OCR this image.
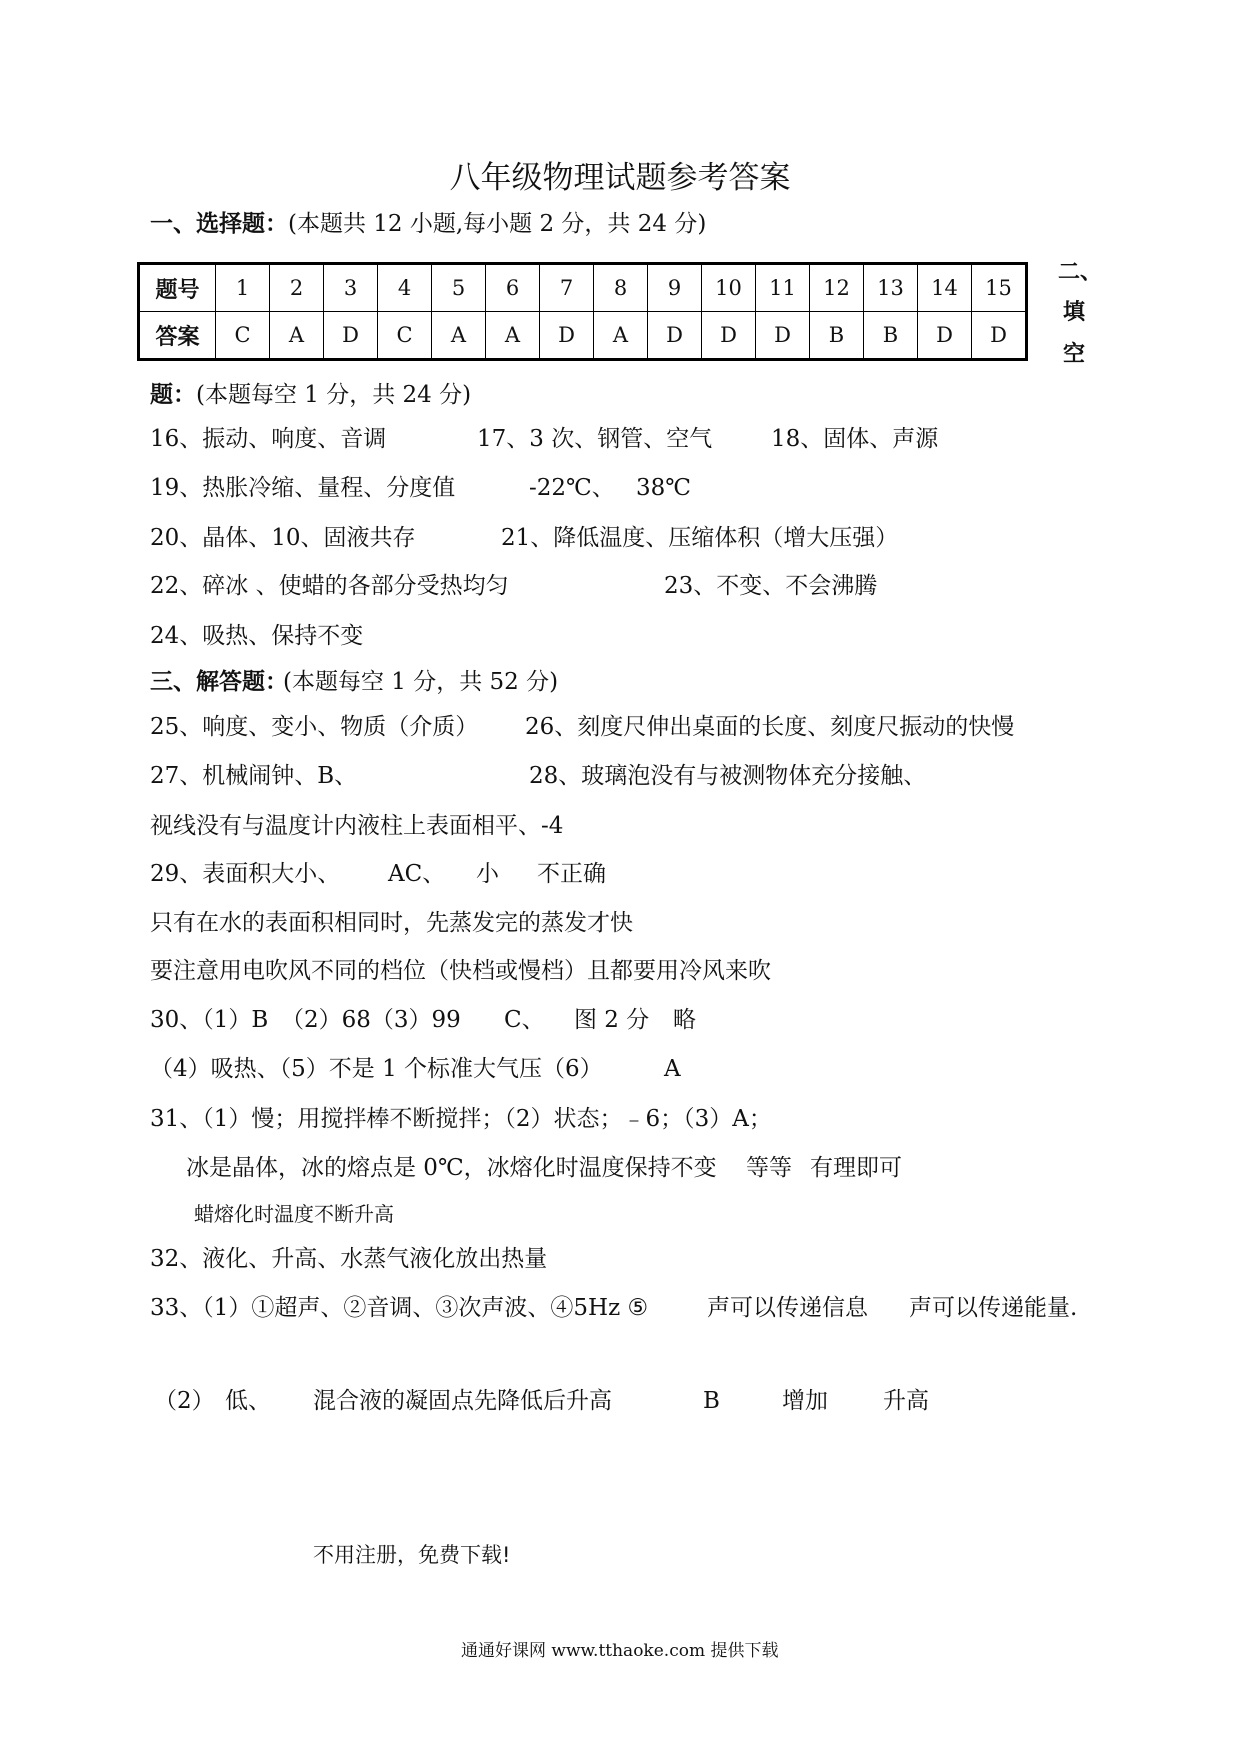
八年级物理试题参考答案
一、选择题：(本题共 12 小题,每小题 2 分，共 24 分)
题号	1	2	3	4	5	6	7	8	9	10	11	12	13	14	15
答案	C	A	D	C	A	A	D	A	D	D	D	B	B	D	D
二、
填
空
题：(本题每空 1 分，共 24 分)
16、振动、响度、音调	17、3 次、钢管、空气	18、固体、声源
19、热胀冷缩、量程、分度值	-22℃、 38℃
20、晶体、10、固液共存	21、降低温度、压缩体积（增大压强）
22、碎冰 、使蜡的各部分受热均匀	23、不变、不会沸腾
24、吸热、保持不变
三、解答题：
(本题每空 1 分，共 52 分)
25、响度、变小、物质（介质） 26、刻度尺伸出桌面的长度、刻度尺振动的快慢
27、机械闹钟、B、	28、玻璃泡没有与被测物体充分接触、
视线没有与温度计内液柱上表面相平、-4
29、表面积大小、 AC、 小 不正确
只有在水的表面积相同时，先蒸发完的蒸发才快
要注意用电吹风不同的档位（快档或慢档）且都要用冷风来吹
30、（1）B （2）68（3）99 C、 图 2 分 略
（4）吸热、（5）不是 1 个标准大气压（6）	A
31、（1）慢；用搅拌棒不断搅拌；（2）状态；﹣6；（3）A；
冰是晶体，冰的熔点是 0℃，冰熔化时温度保持不变 等等 有理即可
蜡熔化时温度不断升高
32、液化、升高、水蒸气液化放出热量
33、（1）①超声、②音调、③次声波、④5Hz ⑤	声可以传递信息 声可以传递能量.
（2） 低、 混合液的凝固点先降低后升高	B	增加 升高
不用注册，免费下载!
通通好课网 www.tthaoke.com 提供下载
